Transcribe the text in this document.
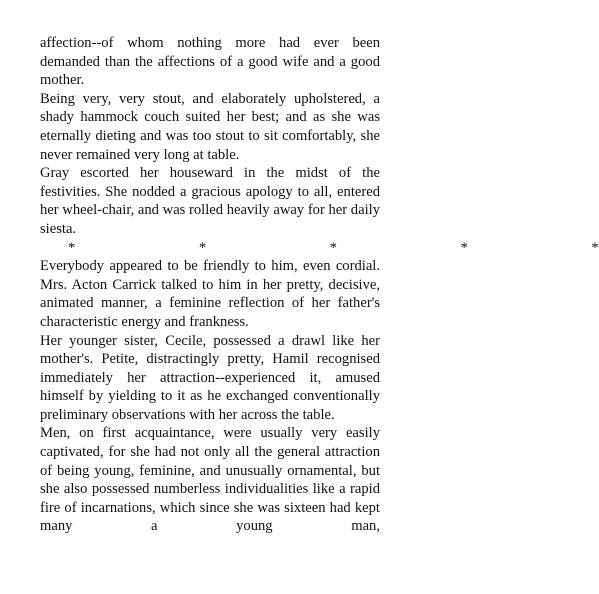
affection--of whom nothing more had ever been demanded than the affections of a good wife and a good mother.

Being very, very stout, and elaborately upholstered, a shady hammock couch suited her best; and as she was eternally dieting and was too stout to sit comfortably, she never remained very long at table.

Gray escorted her houseward in the midst of the festivities. She nodded a gracious apology to all, entered her wheel-chair, and was rolled heavily away for her daily siesta.

*       *       *       *       *

Everybody appeared to be friendly to him, even cordial. Mrs. Acton Carrick talked to him in her pretty, decisive, animated manner, a feminine reflection of her father's characteristic energy and frankness.

Her younger sister, Cecile, possessed a drawl like her mother's. Petite, distractingly pretty, Hamil recognised immediately her attraction--experienced it, amused himself by yielding to it as he exchanged conventionally preliminary observations with her across the table.

Men, on first acquaintance, were usually very easily captivated, for she had not only all the general attraction of being young, feminine, and unusually ornamental, but she also possessed numberless individualities like a rapid fire of incarnations, which since she was sixteen had kept many a young man,
